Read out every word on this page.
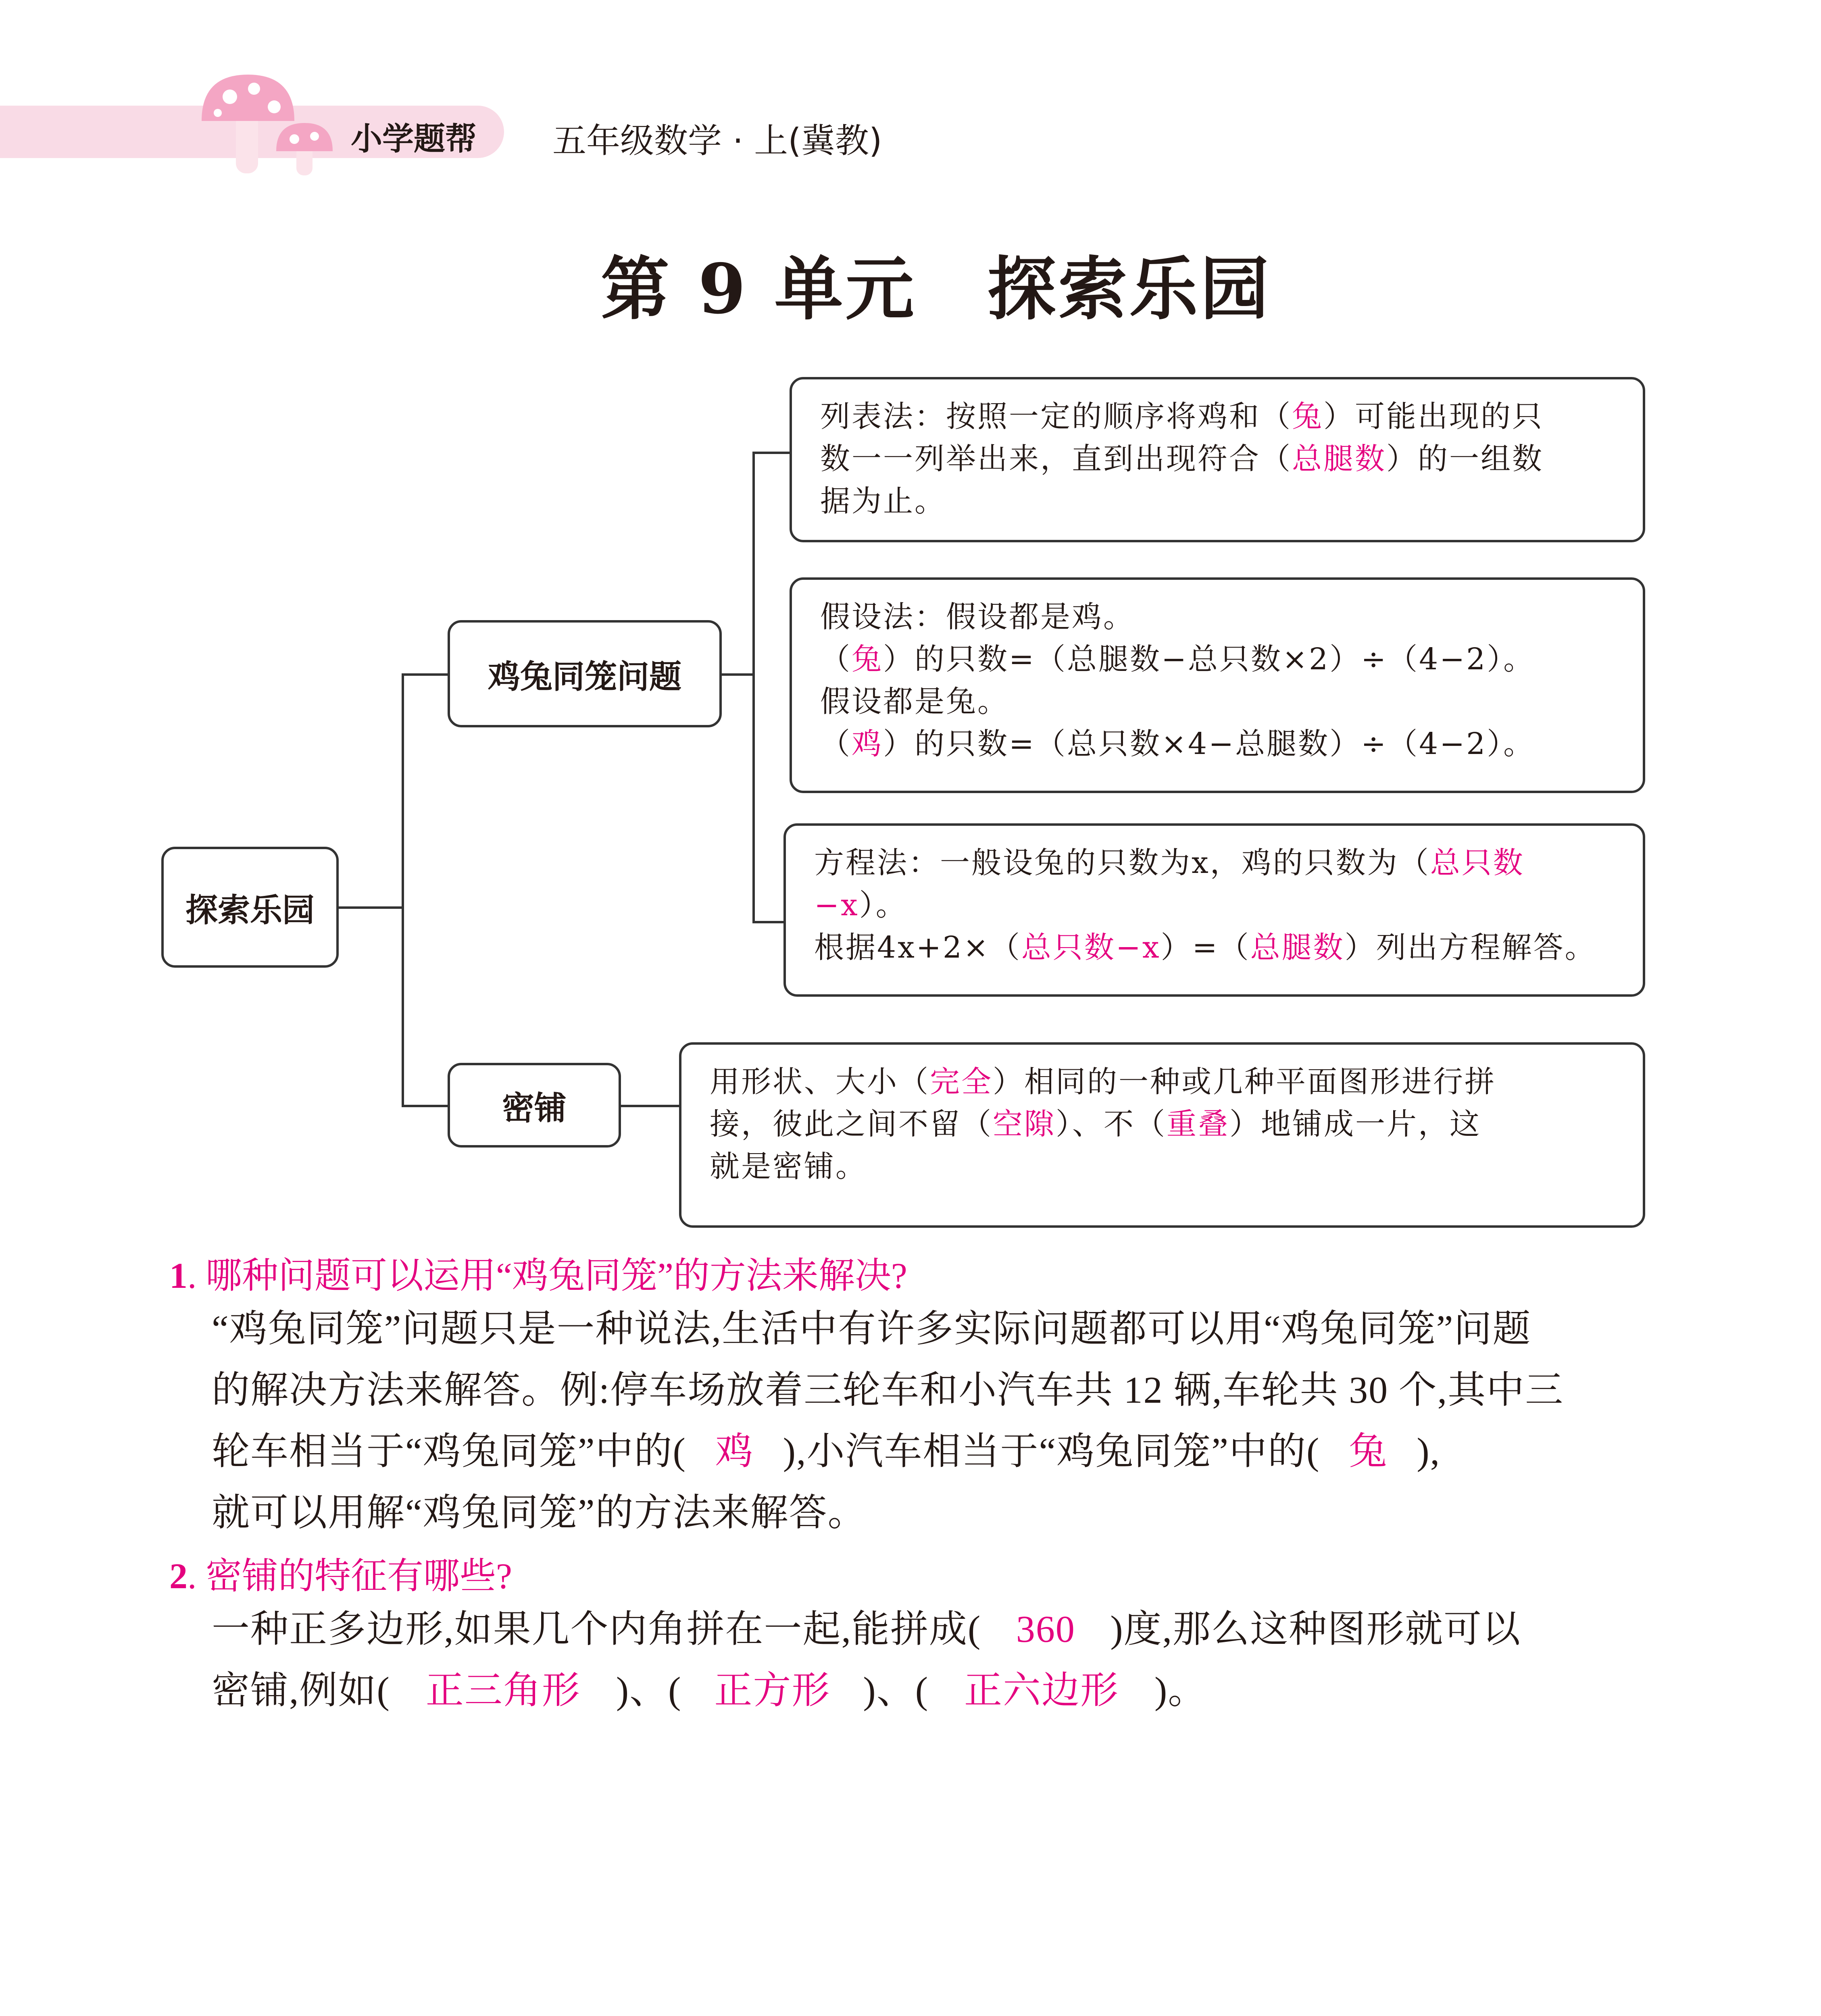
小学题帮 五年级数学 · 上(冀教)
第 9 单元　探索乐园
探索乐园
鸡兔同笼问题
密铺
列表法：按照一定的顺序将鸡和（兔）可能出现的只
数一一列举出来，直到出现符合（总腿数）的一组数
据为止。
假设法：假设都是鸡。
（兔）的只数=（总腿数−总只数×2）÷（4−2）。
假设都是兔。
（鸡）的只数=（总只数×4−总腿数）÷（4−2）。
方程法：一般设兔的只数为x，鸡的只数为（总只数
−x）。
根据4x+2×（总只数−x）=（总腿数）列出方程解答。
用形状、大小（完全）相同的一种或几种平面图形进行拼
接，彼此之间不留（空隙）、不（重叠）地铺成一片，这
就是密铺。
1. 哪种问题可以运用“鸡兔同笼”的方法来解决?
“鸡兔同笼”问题只是一种说法,生活中有许多实际问题都可以用“鸡兔同笼”问题
的解决方法来解答。例:停车场放着三轮车和小汽车共 12 辆,车轮共 30 个,其中三
轮车相当于“鸡兔同笼”中的( 鸡 ),小汽车相当于“鸡兔同笼”中的( 兔 ),
就可以用解“鸡兔同笼”的方法来解答。
2. 密铺的特征有哪些?
一种正多边形,如果几个内角拼在一起,能拼成( 360 )度,那么这种图形就可以
密铺,例如( 正三角形 )、( 正方形 )、( 正六边形 )。
